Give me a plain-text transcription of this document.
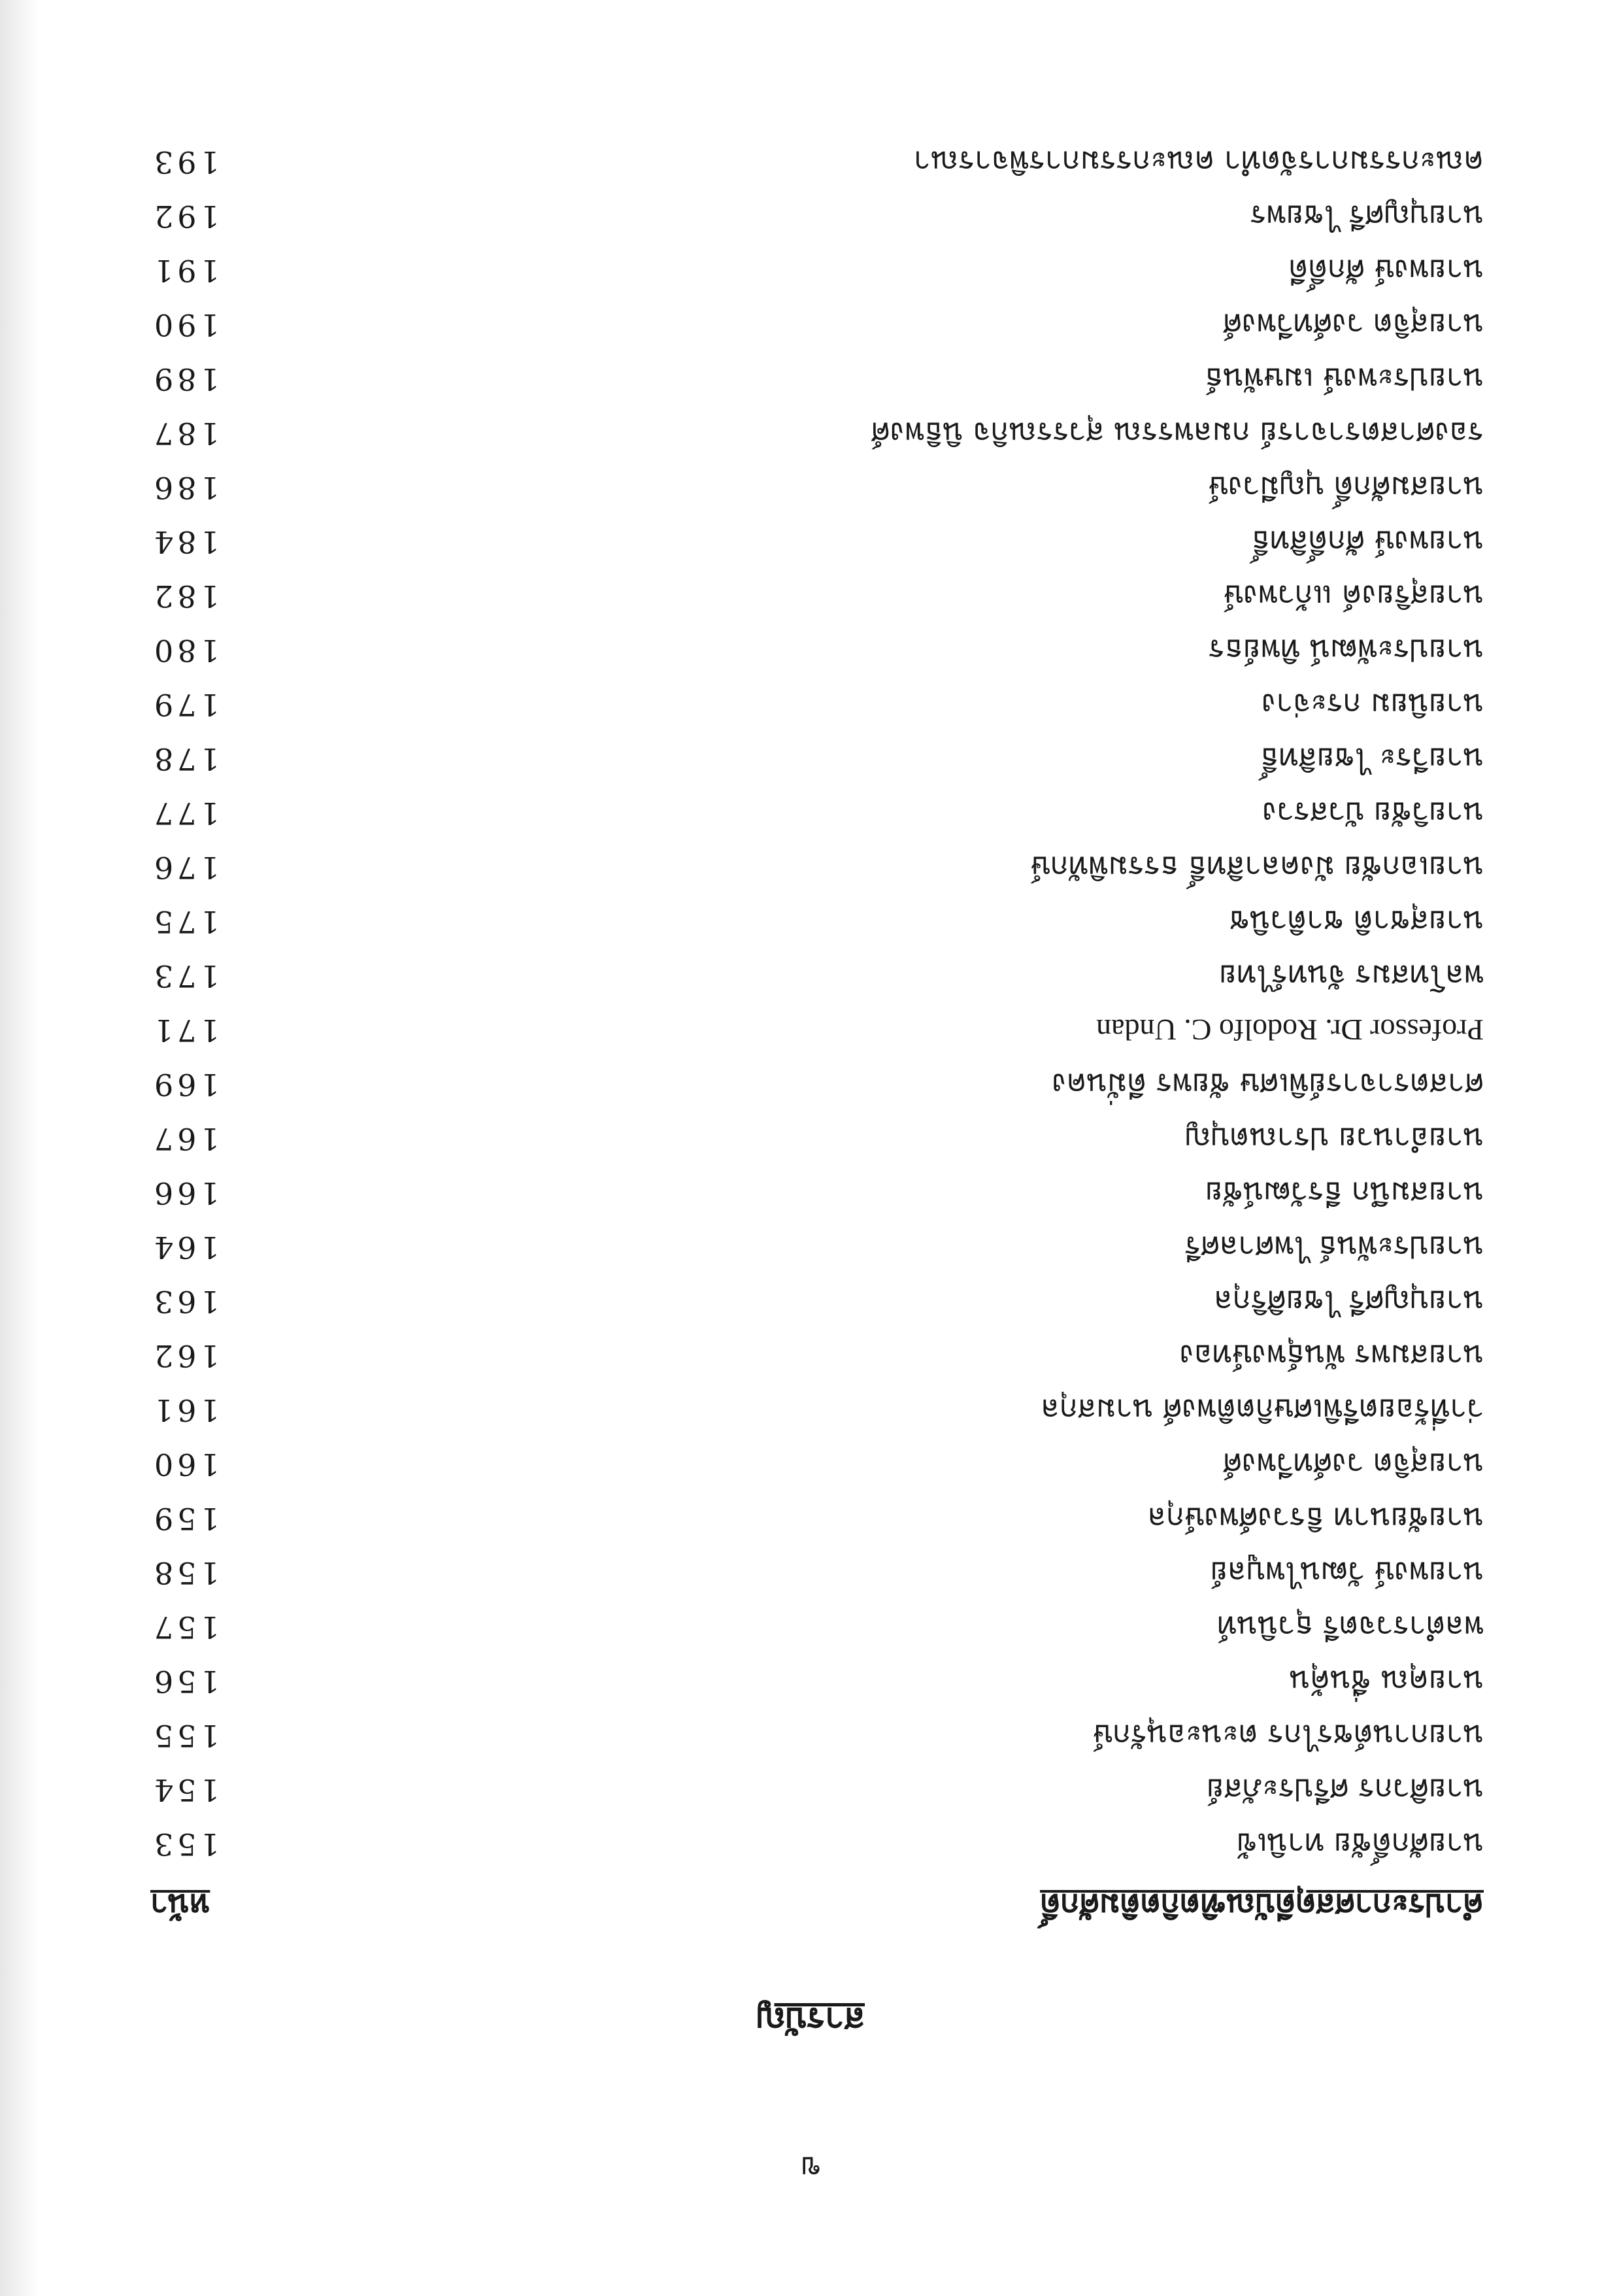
ข
สารบัญ
คำประกาศสดุดีบัณฑิตกิตติมศักดิ์
หน้า
นายศักดิ์ชัย ทานิเข้
153
นายศิวกร ศรีประภัสย์
154
นายกานต์ชรไกร ตะนะอนุรักษ์
155
นายคุณ ชื่นคุ้น
156
พลตำรวจตรี ธุวนินท์
157
นายพงษ์ วัฒนไพบูลย์
158
นายชัยนาท ธิรวงศ์พงษ์กุล
159
นายสุจิต วงศ์ทวีพงศ์
160
ว่าที่ร้อยตรีพิเศษกิตติพงศ์ นามสกุล
161
นายสมพร พันธุ์พงษ์ทอง
162
นายบุญศรี ไชยศิริกุล
163
นายประพันธ์ ไพศาลศรี
164
นายสมนึก ธีรวัฒน์ชัย
166
นายอำนวย ปราณตบุญ
167
ศาสตราจารย์พิเศษ ชัยพร ดีมั่นคง
169
Professor Dr. Rodolfo C. Undan
171
พลโทสมร จันทร์ไทย
173
นายสุชาติ ชาติวนิช
175
นายเอกชัย มังคลาสิทธิ์ ธรรมพิทักษ์
176
นายวิชัย บัวสรวง
177
นายวีระ ไชยสิทธิ์
178
นายนิยม กระจ่าง
179
นายประพัฒน์ ทิพย์ธร
180
นายสุริยงค์ แก้วพงษ์
182
นายพงษ์ ศักดิ์สิทธิ์
184
นายสมศักดิ์ บุญมีวงษ์
186
รองศาสตราจารย์ กมลพรรณ สุวรรณกิจ นิธิพงศ์
187
นายประพงษ์ เมษพันธ์
189
นายสุจิต วงศ์ทวีพงศ์
190
นายพงษ์ ศักดิ์ดี
191
นายบุญศรี ไชยพร
192
คณะกรรมการจัดทำ คณะกรรมการพิจารณา
193
